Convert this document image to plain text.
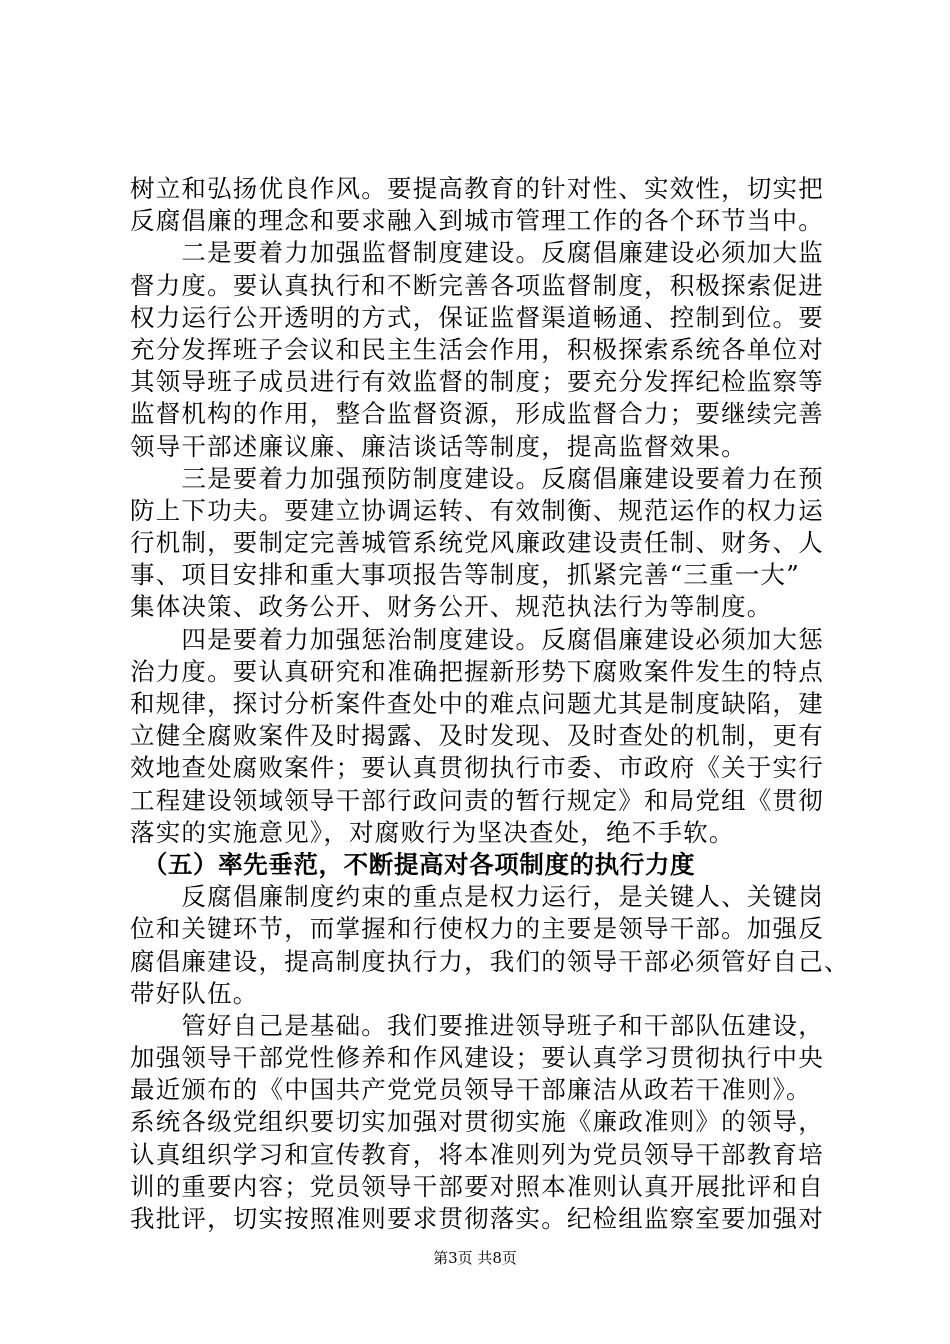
树立和弘扬优良作风。要提高教育的针对性、实效性，切实把
反腐倡廉的理念和要求融入到城市管理工作的各个环节当中。
　　二是要着力加强监督制度建设。反腐倡廉建设必须加大监
督力度。要认真执行和不断完善各项监督制度，积极探索促进
权力运行公开透明的方式，保证监督渠道畅通、控制到位。要
充分发挥班子会议和民主生活会作用，积极探索系统各单位对
其领导班子成员进行有效监督的制度；要充分发挥纪检监察等
监督机构的作用，整合监督资源，形成监督合力；要继续完善
领导干部述廉议廉、廉洁谈话等制度，提高监督效果。
　　三是要着力加强预防制度建设。反腐倡廉建设要着力在预
防上下功夫。要建立协调运转、有效制衡、规范运作的权力运
行机制，要制定完善城管系统党风廉政建设责任制、财务、人
事、项目安排和重大事项报告等制度，抓紧完善“三重一大”
集体决策、政务公开、财务公开、规范执法行为等制度。
　　四是要着力加强惩治制度建设。反腐倡廉建设必须加大惩
治力度。要认真研究和准确把握新形势下腐败案件发生的特点
和规律，探讨分析案件查处中的难点问题尤其是制度缺陷，建
立健全腐败案件及时揭露、及时发现、及时查处的机制，更有
效地查处腐败案件；要认真贯彻执行市委、市政府《关于实行
工程建设领域领导干部行政问责的暂行规定》和局党组《贯彻
落实的实施意见》，对腐败行为坚决查处，绝不手软。
　（五）率先垂范，不断提高对各项制度的执行力度
　　反腐倡廉制度约束的重点是权力运行，是关键人、关键岗
位和关键环节，而掌握和行使权力的主要是领导干部。加强反
腐倡廉建设，提高制度执行力，我们的领导干部必须管好自己、
带好队伍。
　　管好自己是基础。我们要推进领导班子和干部队伍建设，
加强领导干部党性修养和作风建设；要认真学习贯彻执行中央
最近颁布的《中国共产党党员领导干部廉洁从政若干准则》。
系统各级党组织要切实加强对贯彻实施《廉政准则》的领导，
认真组织学习和宣传教育，将本准则列为党员领导干部教育培
训的重要内容；党员领导干部要对照本准则认真开展批评和自
我批评，切实按照准则要求贯彻落实。纪检组监察室要加强对
第3页 共8页
